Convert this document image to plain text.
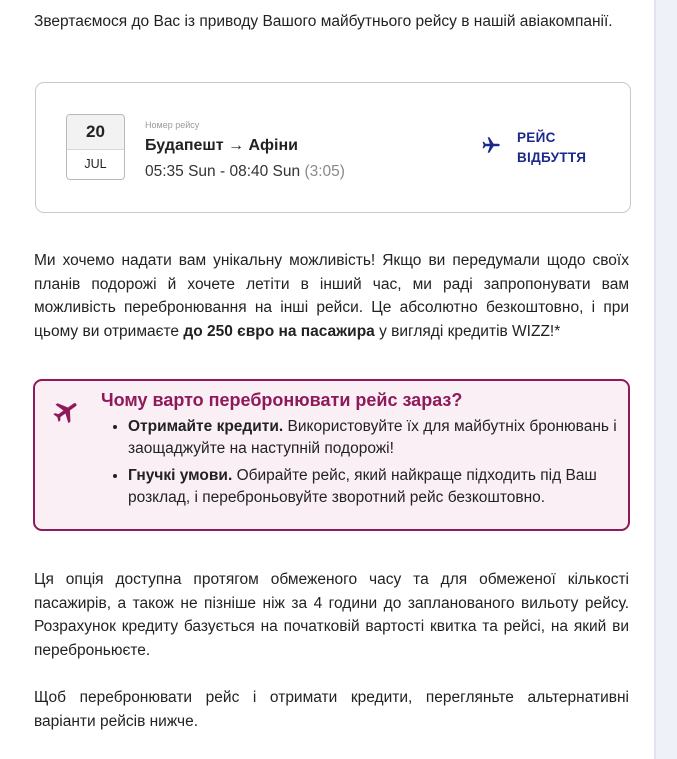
Звертаємося до Вас із приводу Вашого майбутнього рейсу в нашій авіакомпанії.

20
JUL
Номер рейсу
Будапешт → Афіни
05:35 Sun - 08:40 Sun (3:05)
РЕЙС
ВІДБУТТЯ

Ми хочемо надати вам унікальну можливість! Якщо ви передумали щодо своїх планів подорожі й хочете летіти в інший час, ми раді запропонувати вам можливість перебронювання на інші рейси. Це абсолютно безкоштовно, і при цьому ви отримаєте до 250 євро на пасажира у вигляді кредитів WIZZ!*

Чому варто перебронювати рейс зараз?
• Отримайте кредити. Використовуйте їх для майбутніх бронювань і заощаджуйте на наступній подорожі!
• Гнучкі умови. Обирайте рейс, який найкраще підходить під Ваш розклад, і переброньовуйте зворотний рейс безкоштовно.

Ця опція доступна протягом обмеженого часу та для обмеженої кількості пасажирів, а також не пізніше ніж за 4 години до запланованого вильоту рейсу. Розрахунок кредиту базується на початковій вартості квитка та рейсі, на який ви переброньюєте.

Щоб перебронювати рейс і отримати кредити, перегляньте альтернативні варіанти рейсів нижче.
